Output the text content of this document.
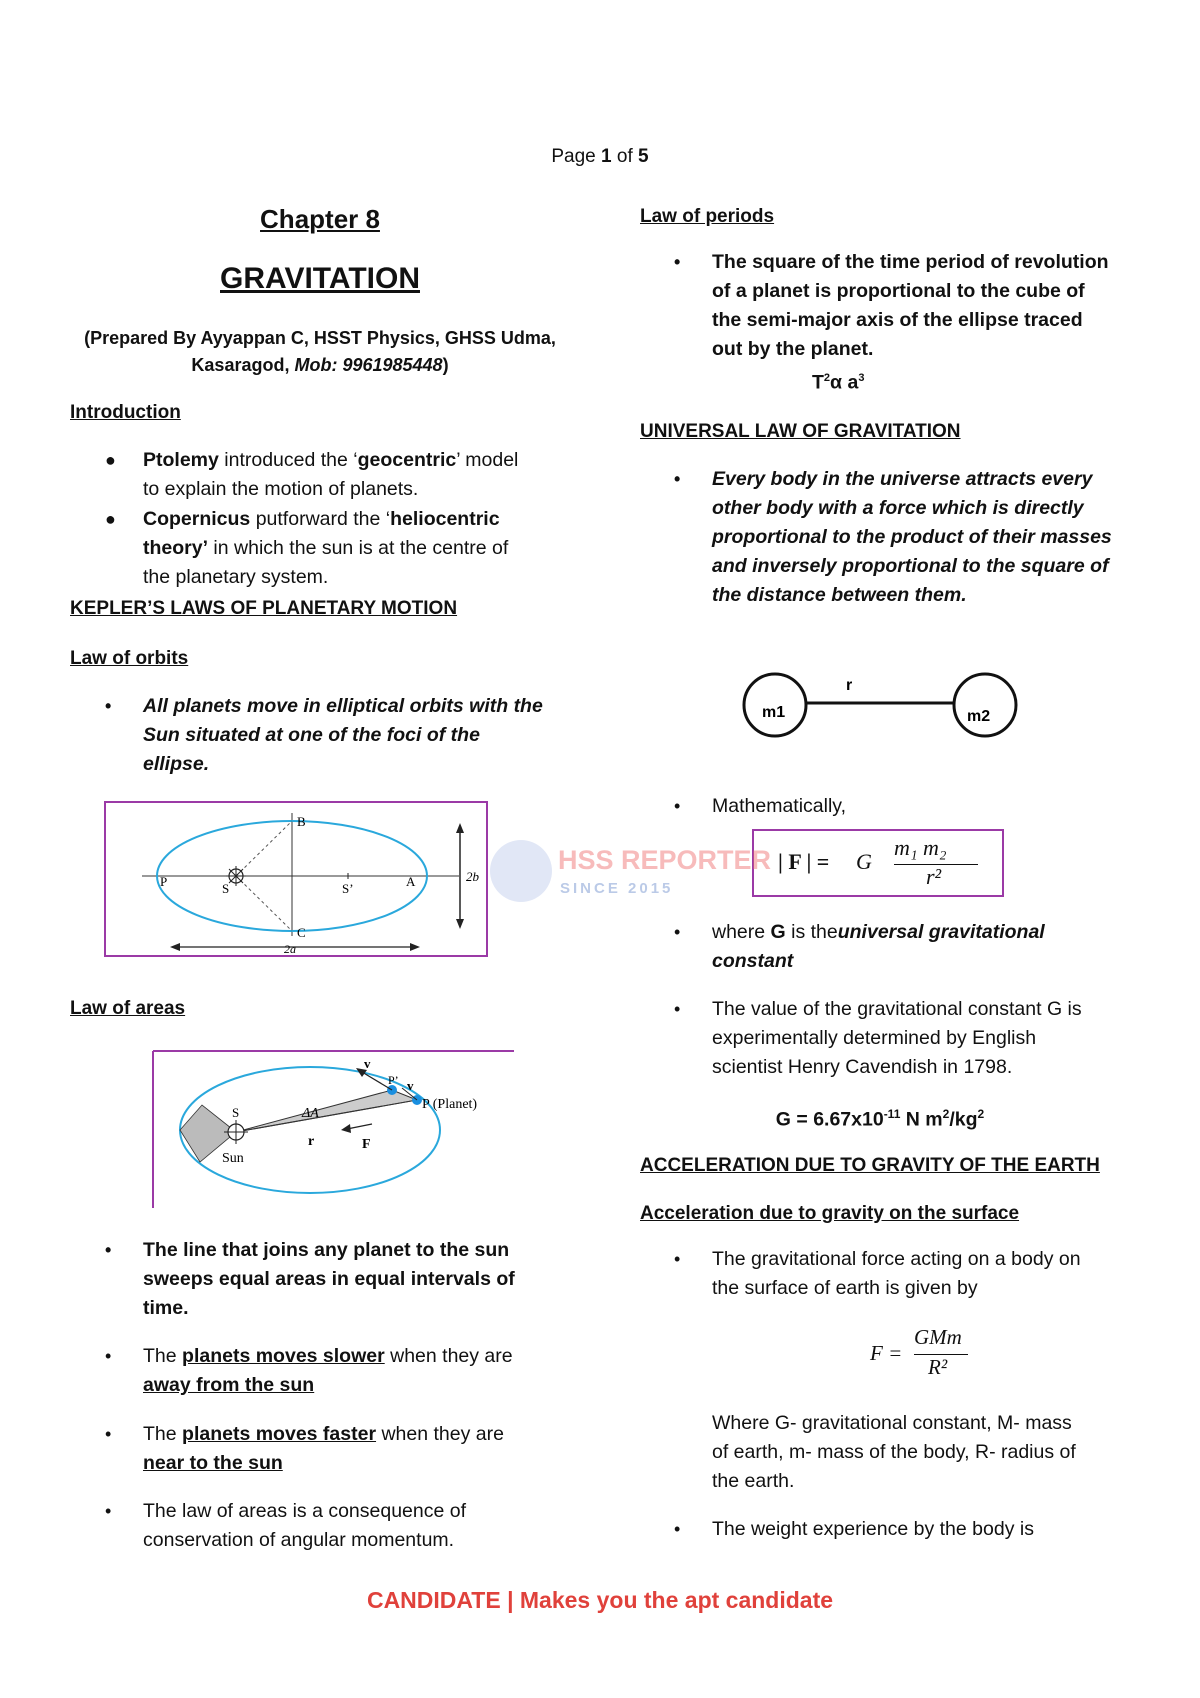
Page 1 of 5
Chapter 8
GRAVITATION
(Prepared By Ayyappan C, HSST Physics, GHSS Udma,
Kasaragod, Mob: 9961985448)
Introduction
● Ptolemy introduced the ‘geocentric’ model
to explain the motion of planets.
● Copernicus putforward the ‘heliocentric
theory’ in which the sun is at the centre of
the planetary system.
KEPLER’S LAWS OF PLANETARY MOTION
Law of orbits
• All planets move in elliptical orbits with the
Sun situated at one of the foci of the
ellipse.
B
C
P	S	S’	A	2b
2a
Law of areas
v
v
P’
P (Planet)
S	ΔA
r	F
Sun
• The line that joins any planet to the sun
sweeps equal areas in equal intervals of
time.
• The planets moves slower when they are
away from the sun
• The planets moves faster when they are
near to the sun
• The law of areas is a consequence of
conservation of angular momentum.
Law of periods
• The square of the time period of revolution
of a planet is proportional to the cube of
the semi-major axis of the ellipse traced
out by the planet.
$T^2\alpha$ $a^3$
UNIVERSAL LAW OF GRAVITATION
• Every body in the universe attracts every
other body with a force which is directly
proportional to the product of their masses
and inversely proportional to the square of
the distance between them.
m1	m2
r
• Mathematically,
| F | = G
m₁ m₂
r²
HSS REPORTER
SINCE 2015
• where G is theuniversal gravitational
constant
• The value of the gravitational constant G is
experimentally determined by English
scientist Henry Cavendish in 1798.
$G = 6.67x10^{-11}$ N $m^2/kg^2$
ACCELERATION DUE TO GRAVITY OF THE EARTH
Acceleration due to gravity on the surface
• The gravitational force acting on a body on
the surface of earth is given by
F =
GMm
R²
Where G- gravitational constant, M- mass
of earth, m- mass of the body, R- radius of
the earth.
• The weight experience by the body is
CANDIDATE | Makes you the apt candidate
